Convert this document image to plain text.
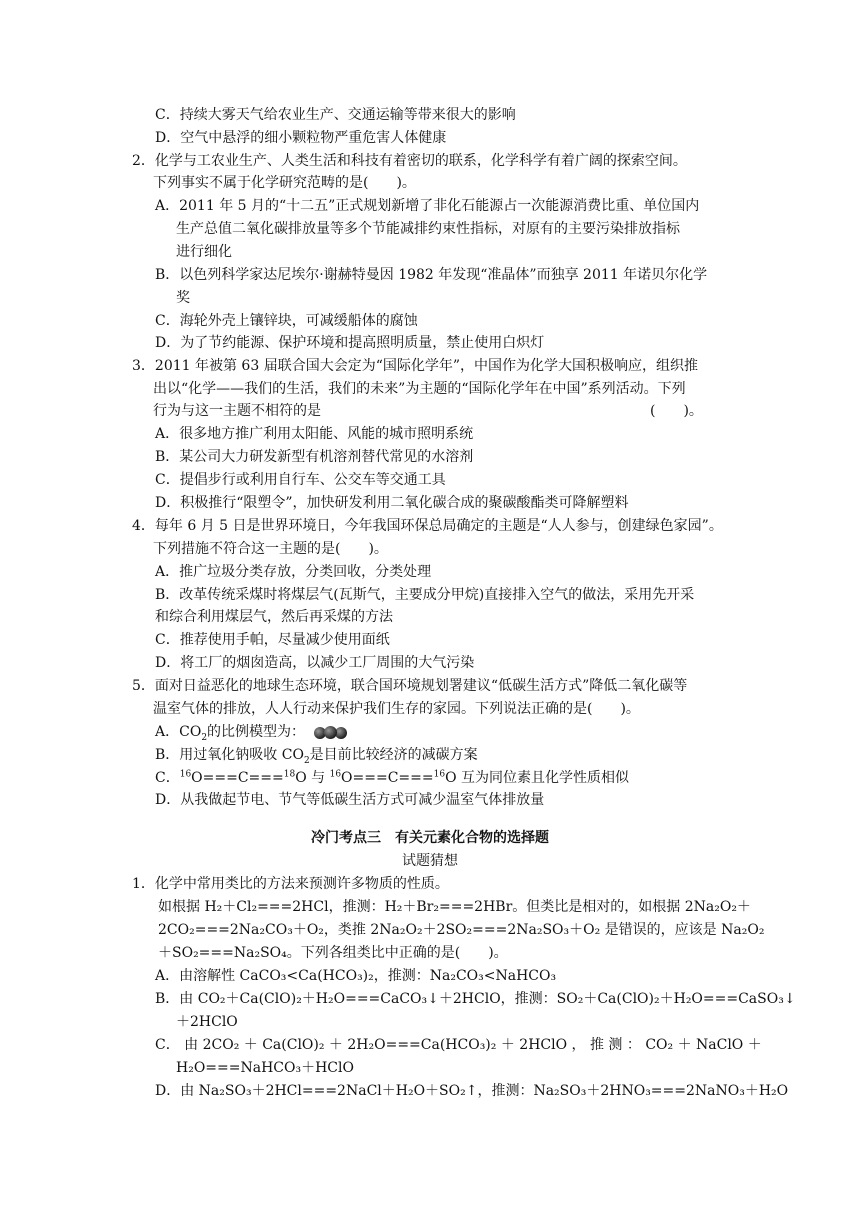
C．持续大雾天气给农业生产、交通运输等带来很大的影响
D．空气中悬浮的细小颗粒物严重危害人体健康
2．化学与工农业生产、人类生活和科技有着密切的联系，化学科学有着广阔的探索空间。
下列事实不属于化学研究范畴的是(　　)。
A．2011 年 5 月的“十二五”正式规划新增了非化石能源占一次能源消费比重、单位国内
生产总值二氧化碳排放量等多个节能减排约束性指标，对原有的主要污染排放指标
进行细化
B．以色列科学家达尼埃尔·谢赫特曼因 1982 年发现“准晶体”而独享 2011 年诺贝尔化学
奖
C．海轮外壳上镶锌块，可减缓船体的腐蚀
D．为了节约能源、保护环境和提高照明质量，禁止使用白炽灯
3．2011 年被第 63 届联合国大会定为“国际化学年”，中国作为化学大国积极响应，组织推
出以“化学——我们的生活，我们的未来”为主题的“国际化学年在中国”系列活动。下列
行为与这一主题不相符的是	(　　)。
A．很多地方推广利用太阳能、风能的城市照明系统
B．某公司大力研发新型有机溶剂替代常见的水溶剂
C．提倡步行或利用自行车、公交车等交通工具
D．积极推行“限塑令”，加快研发利用二氧化碳合成的聚碳酸酯类可降解塑料
4．每年 6 月 5 日是世界环境日，今年我国环保总局确定的主题是“人人参与，创建绿色家园”。
下列措施不符合这一主题的是(　　)。
A．推广垃圾分类存放，分类回收，分类处理
B．改革传统采煤时将煤层气(瓦斯气，主要成分甲烷)直接排入空气的做法，采用先开采
和综合利用煤层气，然后再采煤的方法
C．推荐使用手帕，尽量减少使用面纸
D．将工厂的烟囱造高，以减少工厂周围的大气污染
5．面对日益恶化的地球生态环境，联合国环境规划署建议“低碳生活方式”降低二氧化碳等
温室气体的排放，人人行动来保护我们生存的家园。下列说法正确的是(　　)。
A．$CO_2$的比例模型为：
B．用过氧化钠吸收 $CO_2$是目前比较经济的减碳方案
C．$^{16}$O===C===$^{18}$O 与 $^{16}$O===C===$^{16}$O 互为同位素且化学性质相似
D．从我做起节电、节气等低碳生活方式可减少温室气体排放量
冷门考点三　有关元素化合物的选择题
试题猜想
1．化学中常用类比的方法来预测许多物质的性质。
如根据 H₂＋Cl₂===2HCl，推测：H₂＋Br₂===2HBr。但类比是相对的，如根据 2Na₂O₂＋
2CO₂===2Na₂CO₃＋O₂，类推 2Na₂O₂＋2SO₂===2Na₂SO₃＋O₂ 是错误的，应该是 Na₂O₂
＋SO₂===Na₂SO₄。下列各组类比中正确的是(　　)。
A．由溶解性 CaCO₃<Ca(HCO₃)₂，推测：Na₂CO₃<NaHCO₃
B．由 CO₂＋Ca(ClO)₂＋H₂O===CaCO₃↓＋2HClO，推测：SO₂＋Ca(ClO)₂＋H₂O===CaSO₃↓
＋2HClO
C． 由 2CO₂ ＋ Ca(ClO)₂ ＋ 2H₂O===Ca(HCO₃)₂ ＋ 2HClO ， 推 测 ： CO₂ ＋ NaClO ＋
H₂O===NaHCO₃＋HClO
D．由 Na₂SO₃＋2HCl===2NaCl＋H₂O＋SO₂↑，推测：Na₂SO₃＋2HNO₃===2NaNO₃＋H₂O
